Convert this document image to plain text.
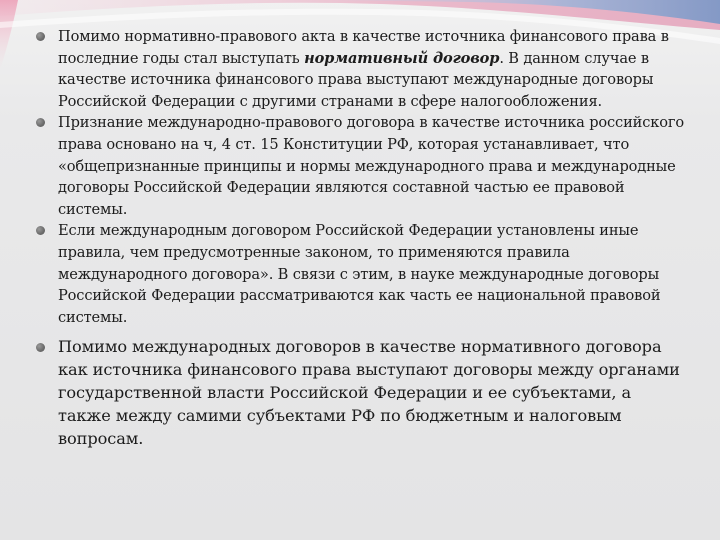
Помимо нормативно-правового акта в качестве источника финансового права в последние годы стал выступать нормативный договор. В данном случае в качестве источника финансового права выступают международные договоры Российской Федерации с другими странами в сфере налогообложения.
Признание международно-правового договора в качестве источника российского права основано на ч, 4 ст. 15 Конституции РФ, которая устанавливает, что «общепризнанные принципы и нормы международного права и международные договоры Российской Федерации являются составной частью ее правовой системы.
Если международным договором Российской Федерации установлены иные правила, чем предусмотренные законом, то применяются правила международного договора». В связи с этим, в науке международные договоры Российской Федерации рассматриваются как часть ее национальной правовой системы.
Помимо международных договоров в качестве нормативного договора как источника финансового права выступают договоры между органами государственной власти Российской Федерации и ее субъектами, а также между самими субъектами РФ по бюджетным и налоговым вопросам.
